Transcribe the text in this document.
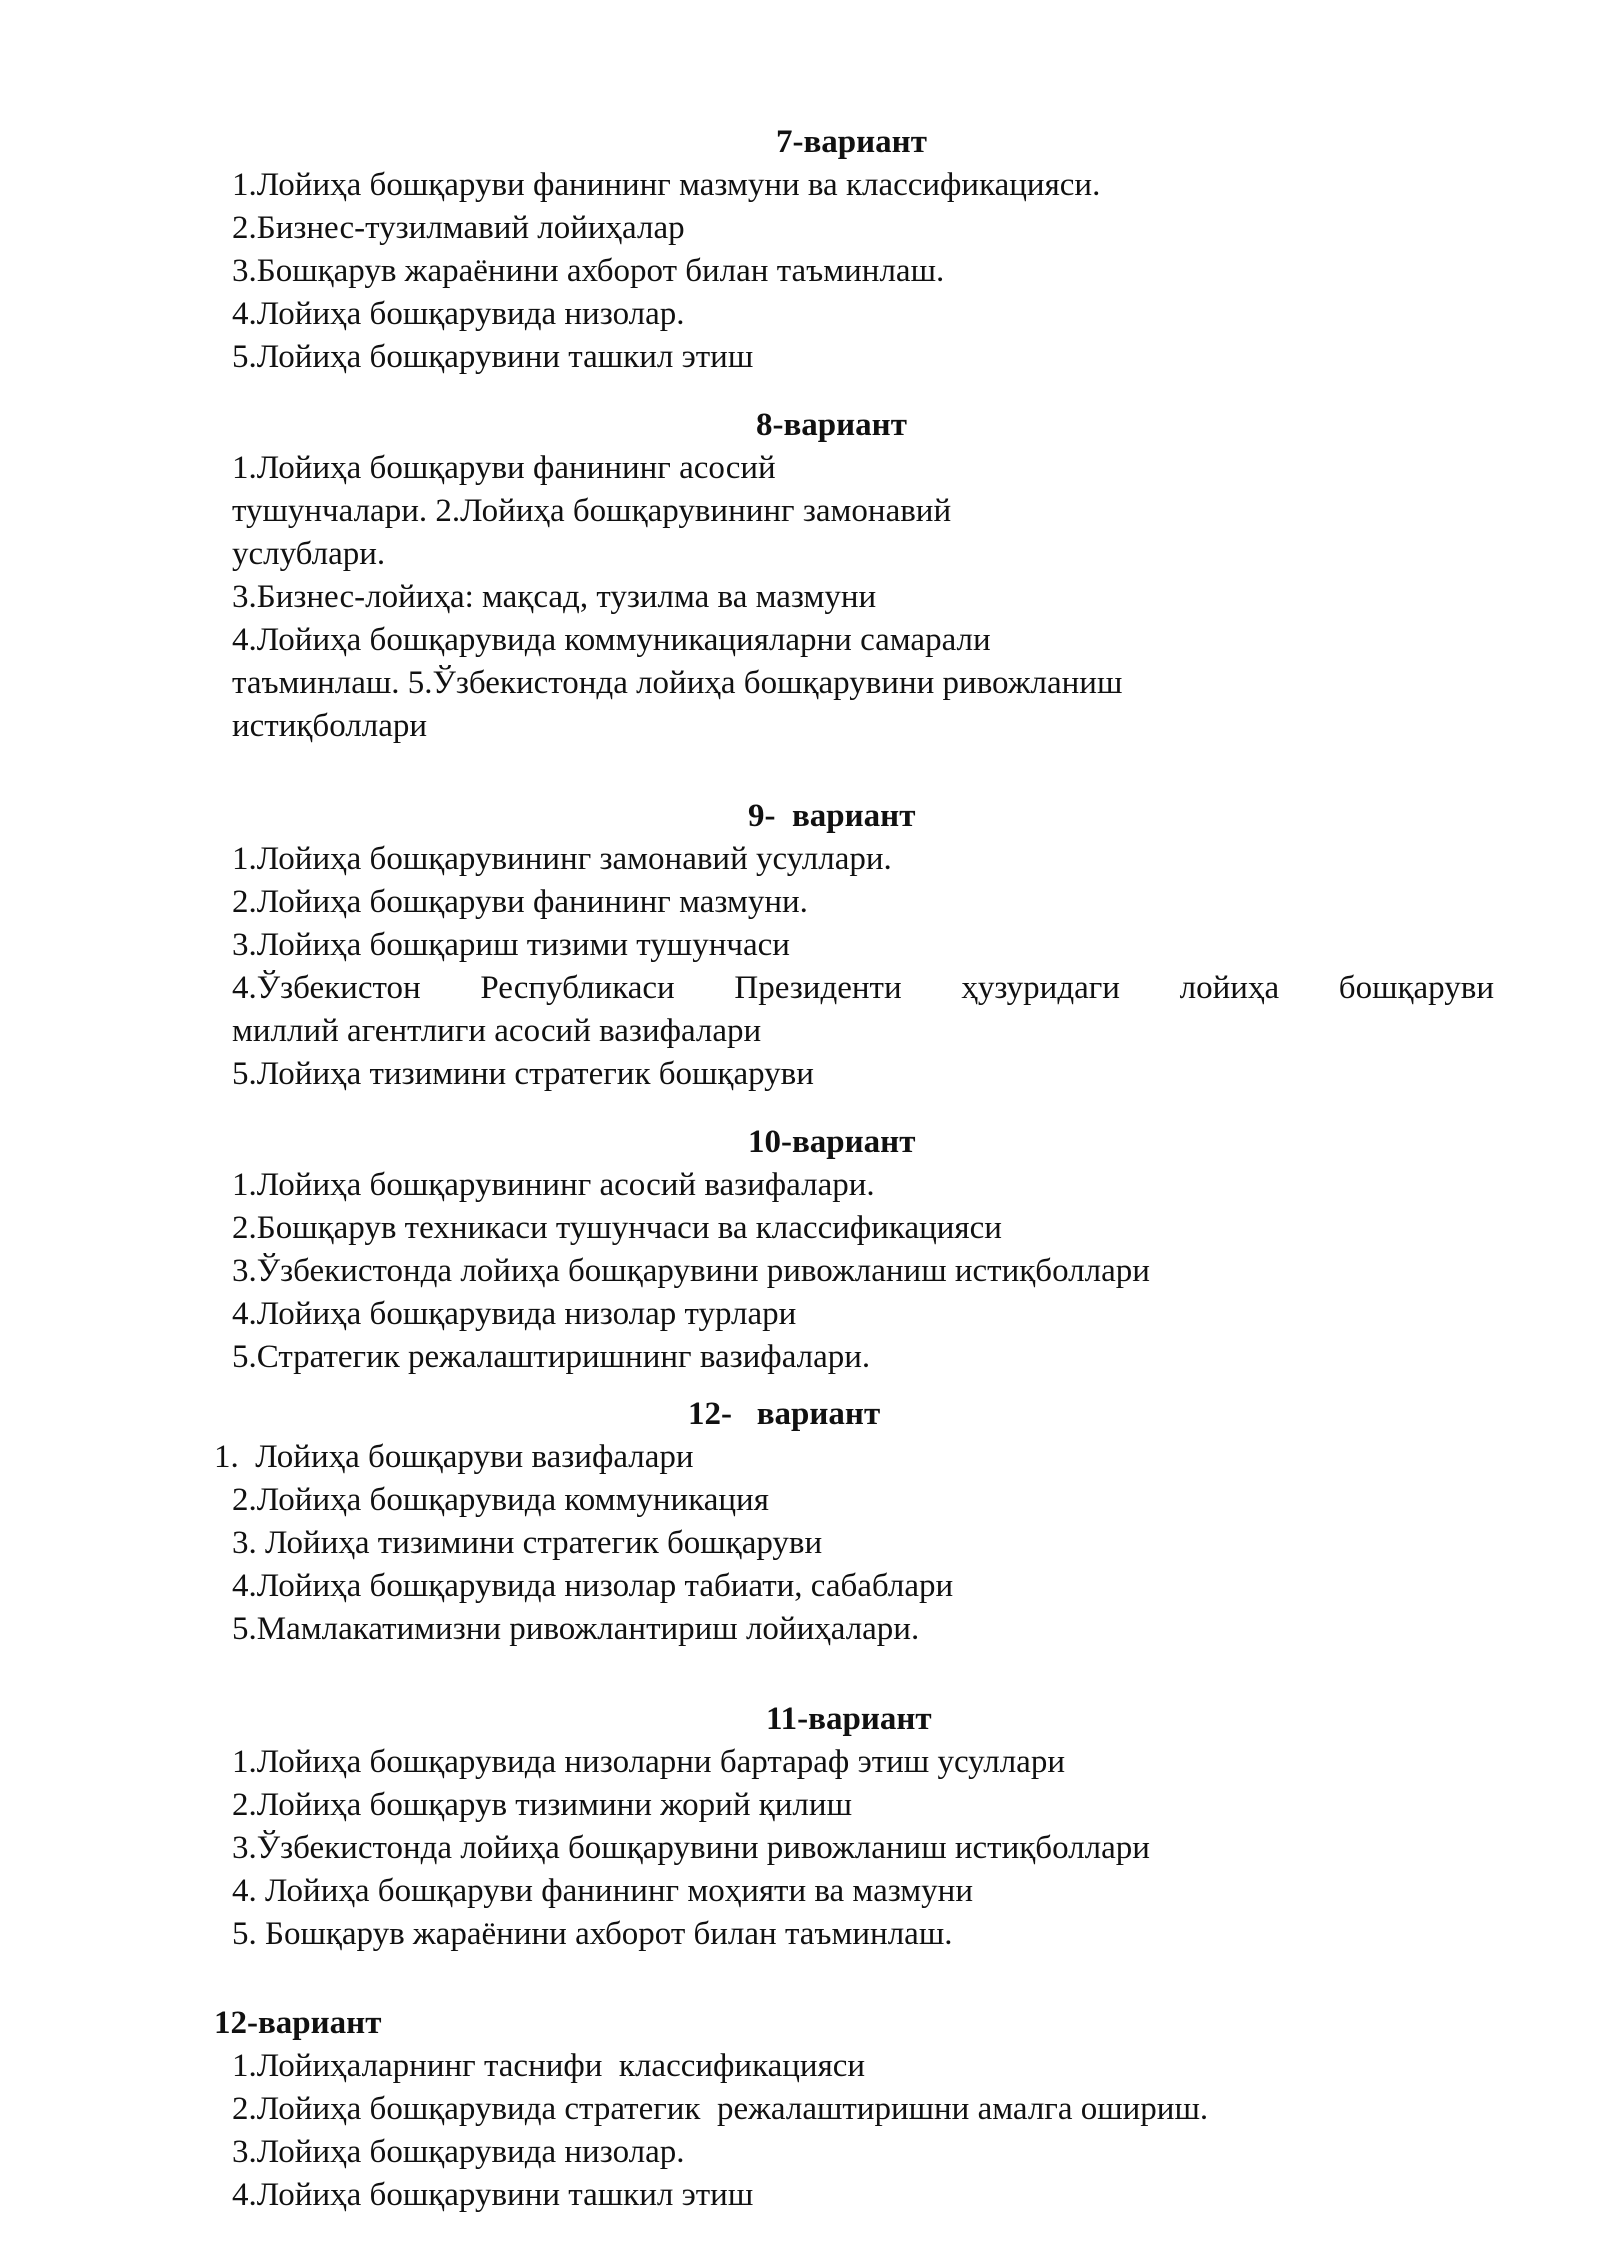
7-вариант
1.Лойиҳа бошқаруви фанининг мазмуни ва классификацияси.
2.Бизнес-тузилмавий лойиҳалар
3.Бошқарув жараёнини ахборот билан таъминлаш.
4.Лойиҳа бошқарувида низолар.
5.Лойиҳа бошқарувини ташкил этиш
8-вариант
1.Лойиҳа бошқаруви фанининг асосий
тушунчалари. 2.Лойиҳа бошқарувининг замонавий
услублари.
3.Бизнес-лойиҳа: мақсад, тузилма ва мазмуни
4.Лойиҳа бошқарувида коммуникацияларни самарали
таъминлаш. 5.Ўзбекистонда лойиҳа бошқарувини ривожланиш
истиқболлари
9-  вариант
1.Лойиҳа бошқарувининг замонавий усуллари.
2.Лойиҳа бошқаруви фанининг мазмуни.
3.Лойиҳа бошқариш тизими тушунчаси
4.Ўзбекистон Республикаси Президенти ҳузуридаги лойиҳа бошқаруви
миллий агентлиги асосий вазифалари
5.Лойиҳа тизимини стратегик бошқаруви
10-вариант
1.Лойиҳа бошқарувининг асосий вазифалари.
2.Бошқарув техникаси тушунчаси ва классификацияси
3.Ўзбекистонда лойиҳа бошқарувини ривожланиш истиқболлари
4.Лойиҳа бошқарувида низолар турлари
5.Стратегик режалаштиришнинг вазифалари.
12-   вариант
1.  Лойиҳа бошқаруви вазифалари
2.Лойиҳа бошқарувида коммуникация
3. Лойиҳа тизимини стратегик бошқаруви
4.Лойиҳа бошқарувида низолар табиати, сабаблари
5.Мамлакатимизни ривожлантириш лойиҳалари.
11-вариант
1.Лойиҳа бошқарувида низоларни бартараф этиш усуллари
2.Лойиҳа бошқарув тизимини жорий қилиш
3.Ўзбекистонда лойиҳа бошқарувини ривожланиш истиқболлари
4. Лойиҳа бошқаруви фанининг моҳияти ва мазмуни
5. Бошқарув жараёнини ахборот билан таъминлаш.
12-вариант
1.Лойиҳаларнинг таснифи  классификацияси
2.Лойиҳа бошқарувида стратегик  режалаштиришни амалга ошириш.
3.Лойиҳа бошқарувида низолар.
4.Лойиҳа бошқарувини ташкил этиш
